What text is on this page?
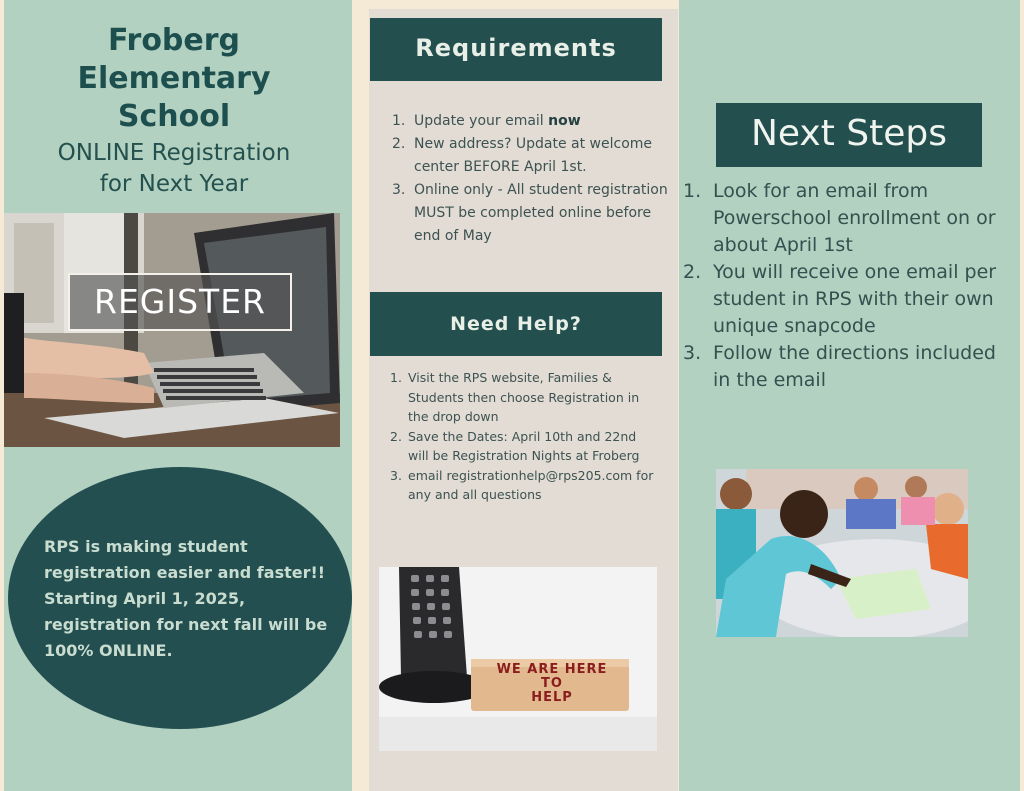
Froberg
Elementary
School
ONLINE Registration
for Next Year
REGISTER
RPS is making student registration easier and faster!! Starting April 1, 2025, registration for next fall will be 100% ONLINE.
Requirements
Update your email now
New address? Update at welcome center BEFORE April 1st.
Online only - All student registration MUST be completed online before end of May
Need Help?
Visit the RPS website, Families & Students then choose Registration in the drop down
Save the Dates: April 10th and 22nd will be Registration Nights at Froberg
email registrationhelp@rps205.com for any and all questions
WE ARE HERE
TO
HELP
Next Steps
Look for an email from Powerschool enrollment on or about April 1st
You will receive one email per student in RPS with their own unique snapcode
Follow the directions included in the email
